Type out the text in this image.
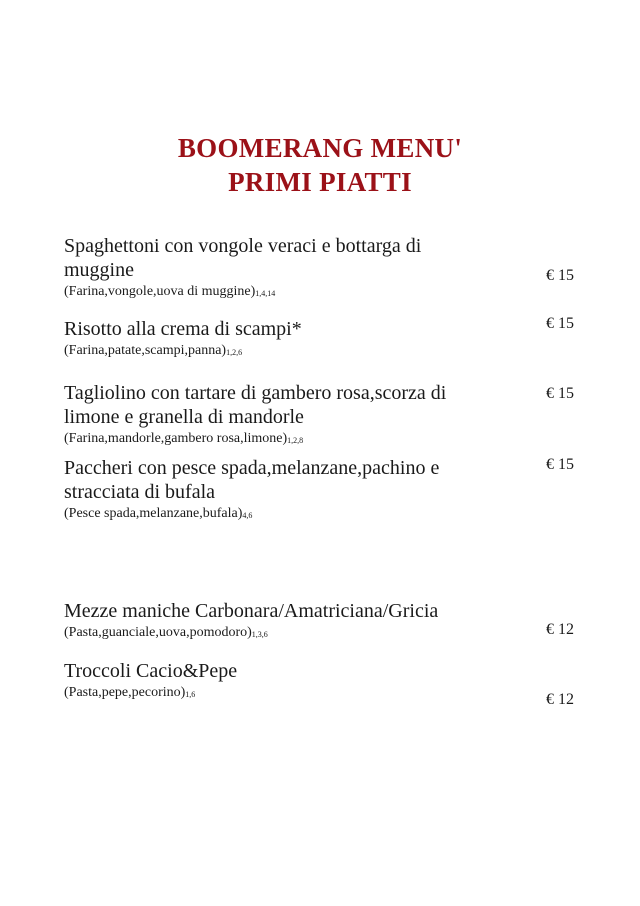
BOOMERANG MENU'
PRIMI PIATTI
Spaghettoni con vongole veraci e bottarga di muggine
(Farina,vongole,uova di $muggine)_{1,4,14}$
€ 15
Risotto alla crema di scampi*
$(Farina,patate,scampi,panna)_{1,2,6}$
€ 15
Tagliolino con tartare di gambero rosa,scorza di limone e granella di mandorle
(Farina,mandorle,gambero $rosa,limone)_{1,2,8}$
€ 15
Paccheri con pesce spada,melanzane,pachino e stracciata di bufala
(Pesce $spada,melanzane,bufala)_{4,6}$
€ 15
Mezze maniche Carbonara/Amatriciana/Gricia
$(Pasta,guanciale,uova,pomodoro)_{1,3,6}$	€ 12
Troccoli Cacio&Pepe
$(Pasta,pepe,pecorino)_{1,6}$	€ 12
